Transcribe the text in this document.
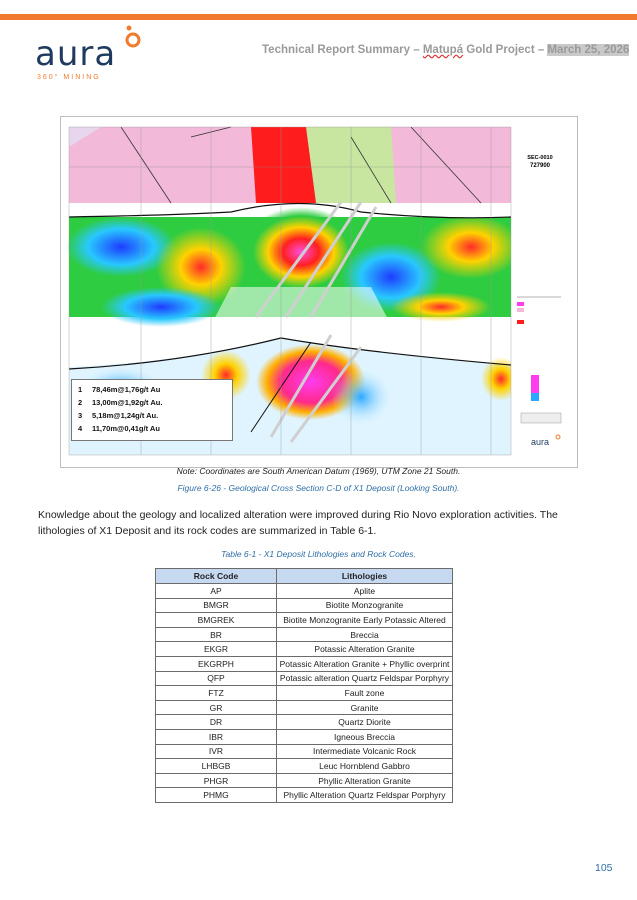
aura
360° MINING
Technical Report Summary – Matupá Gold Project – March 25, 2026
SEC-0010
727900
aura
1 78,46m@1,76g/t Au
2 13,00m@1,92g/t Au.
3 5,18m@1,24g/t Au.
4 11,70m@0,41g/t Au
Note: Coordinates are South American Datum (1969), UTM Zone 21 South.
Figure 6-26 - Geological Cross Section C-D of X1 Deposit (Looking South).
Knowledge about the geology and localized alteration were improved during Rio Novo exploration activities. The lithologies of X1 Deposit and its rock codes are summarized in Table 6-1.
Table 6-1 - X1 Deposit Lithologies and Rock Codes.
Rock Code	Lithologies
AP	Aplite
BMGR	Biotite Monzogranite
BMGREK	Biotite Monzogranite Early Potassic Altered
BR	Breccia
EKGR	Potassic Alteration Granite
EKGRPH	Potassic Alteration Granite + Phyllic overprint
QFP	Potassic alteration Quartz Feldspar Porphyry
FTZ	Fault zone
GR	Granite
DR	Quartz Diorite
IBR	Igneous Breccia
IVR	Intermediate Volcanic Rock
LHBGB	Leuc Hornblend Gabbro
PHGR	Phyllic Alteration Granite
PHMG	Phyllic Alteration Quartz Feldspar Porphyry
105
